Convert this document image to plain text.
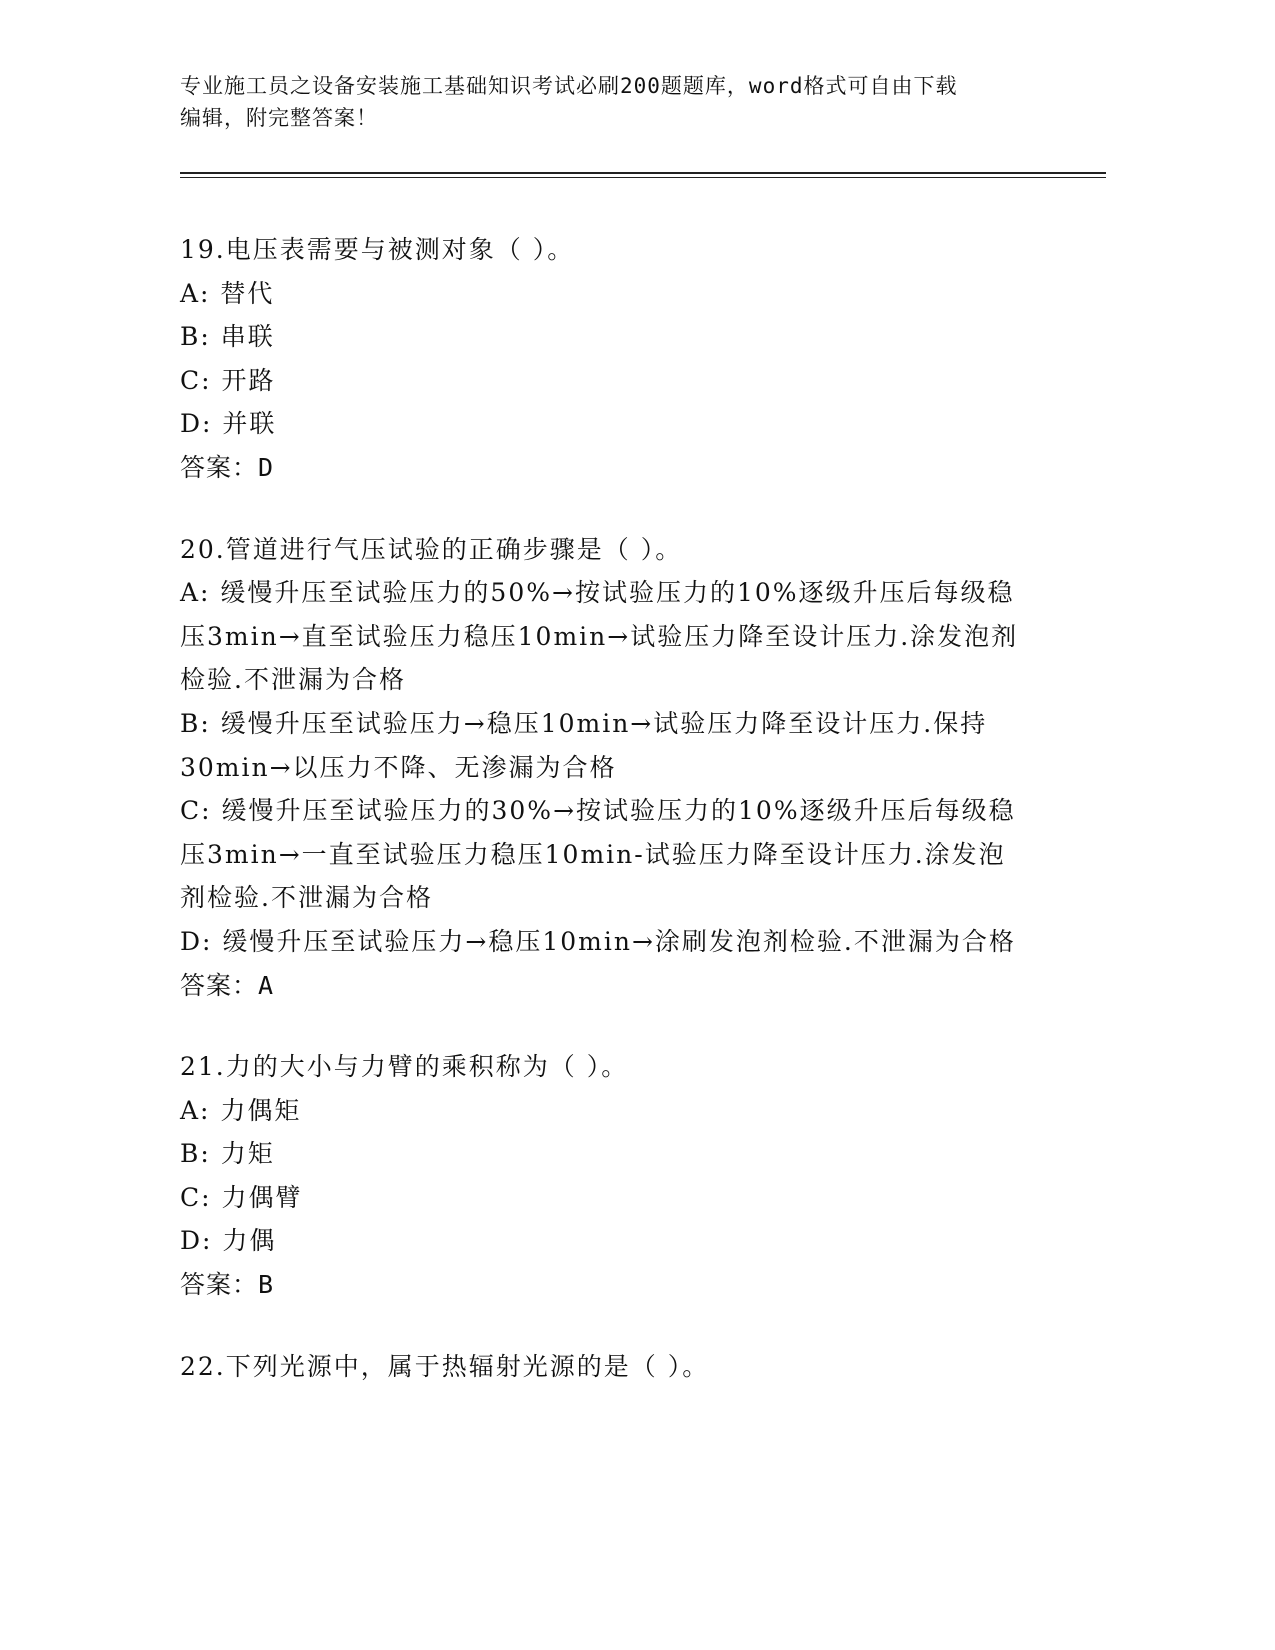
专业施工员之设备安装施工基础知识考试必刷200题题库，word格式可自由下载
编辑，附完整答案！
19.电压表需要与被测对象（ ）。
A: 替代
B: 串联
C: 开路
D: 并联
答案：D
20.管道进行气压试验的正确步骤是（ ）。
A: 缓慢升压至试验压力的50%→按试验压力的10%逐级升压后每级稳
压3min→直至试验压力稳压10min→试验压力降至设计压力.涂发泡剂
检验.不泄漏为合格
B: 缓慢升压至试验压力→稳压10min→试验压力降至设计压力.保持
30min→以压力不降、无渗漏为合格
C: 缓慢升压至试验压力的30%→按试验压力的10%逐级升压后每级稳
压3min→一直至试验压力稳压10min-试验压力降至设计压力.涂发泡
剂检验.不泄漏为合格
D: 缓慢升压至试验压力→稳压10min→涂刷发泡剂检验.不泄漏为合格
答案：A
21.力的大小与力臂的乘积称为（ ）。
A: 力偶矩
B: 力矩
C: 力偶臂
D: 力偶
答案：B
22.下列光源中，属于热辐射光源的是（ ）。
